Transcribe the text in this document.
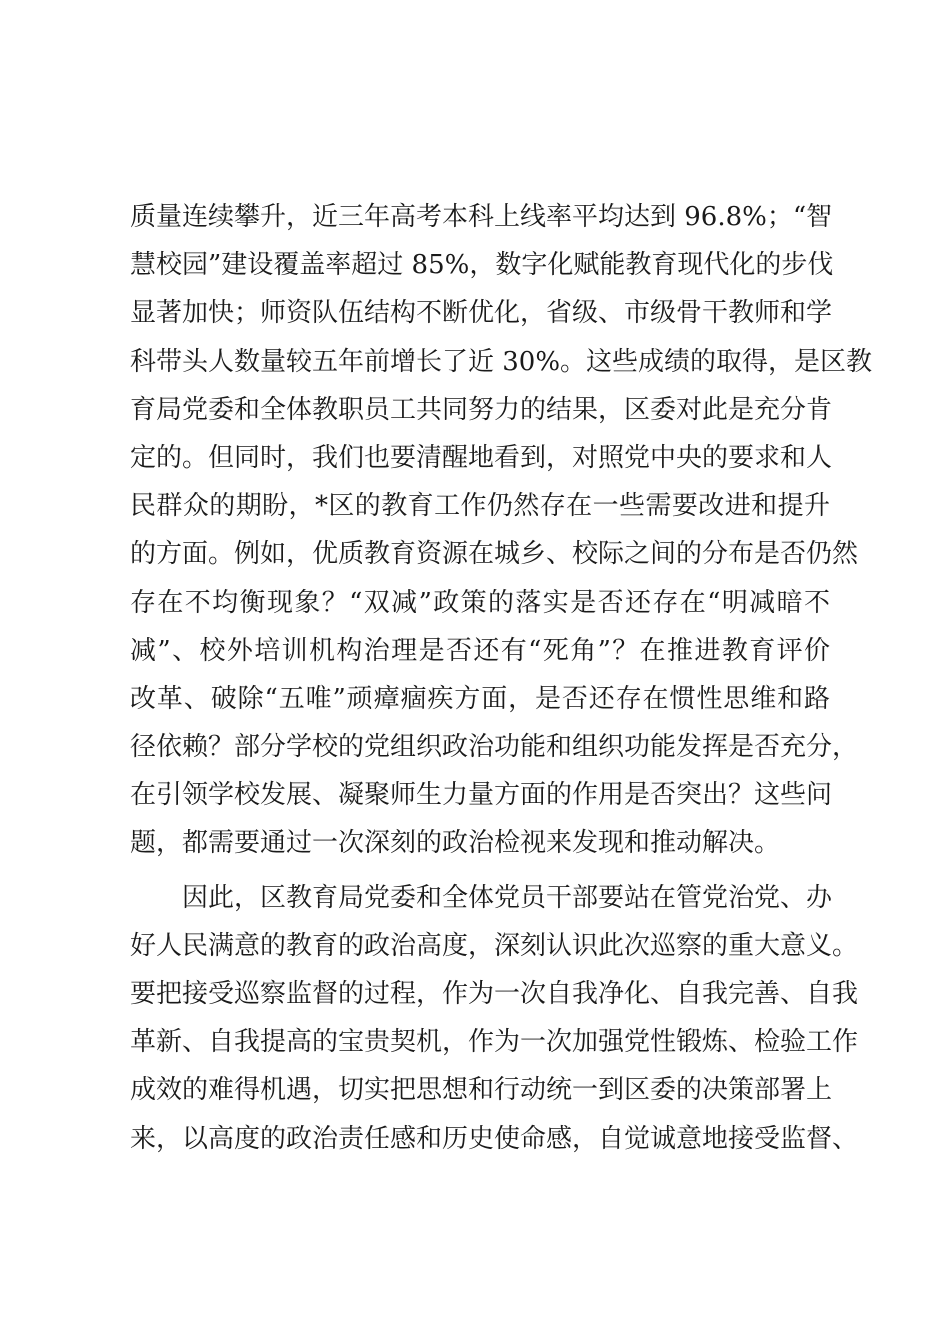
质量连续攀升，近三年高考本科上线率平均达到 96.8%；“智
慧校园”建设覆盖率超过 85%，数字化赋能教育现代化的步伐
显著加快；师资队伍结构不断优化，省级、市级骨干教师和学
科带头人数量较五年前增长了近 30%。这些成绩的取得，是区教
育局党委和全体教职员工共同努力的结果，区委对此是充分肯
定的。但同时，我们也要清醒地看到，对照党中央的要求和人
民群众的期盼，*区的教育工作仍然存在一些需要改进和提升
的方面。例如，优质教育资源在城乡、校际之间的分布是否仍然
存在不均衡现象？“双减”政策的落实是否还存在“明减暗不
减”、校外培训机构治理是否还有“死角”？在推进教育评价
改革、破除“五唯”顽瘴痼疾方面，是否还存在惯性思维和路
径依赖？部分学校的党组织政治功能和组织功能发挥是否充分，
在引领学校发展、凝聚师生力量方面的作用是否突出？这些问
题，都需要通过一次深刻的政治检视来发现和推动解决。
因此，区教育局党委和全体党员干部要站在管党治党、办
好人民满意的教育的政治高度，深刻认识此次巡察的重大意义。
要把接受巡察监督的过程，作为一次自我净化、自我完善、自我
革新、自我提高的宝贵契机，作为一次加强党性锻炼、检验工作
成效的难得机遇，切实把思想和行动统一到区委的决策部署上
来，以高度的政治责任感和历史使命感，自觉诚意地接受监督、
